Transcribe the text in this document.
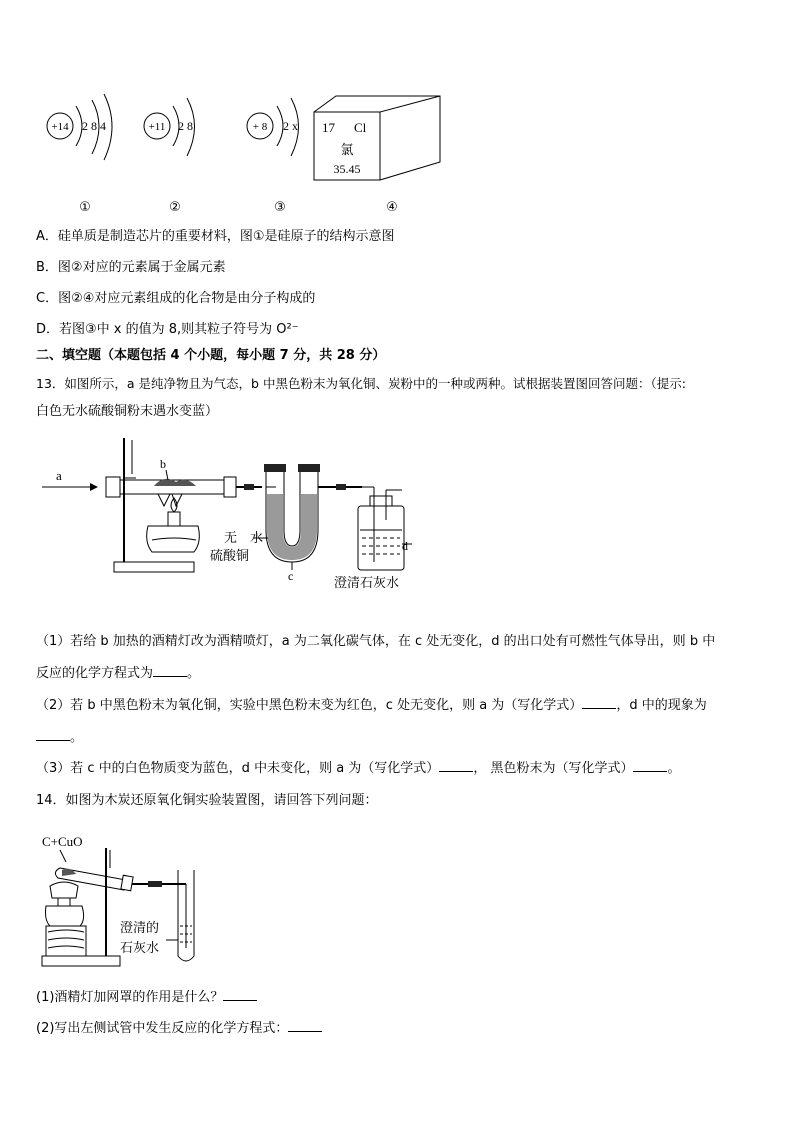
+14 2 8 4	+11 2 8	+ 8 2 x 17 Cl
氯
35.45
①	②	③	④
A．硅单质是制造芯片的重要材料，图①是硅原子的结构示意图
B．图②对应的元素属于金属元素
C．图②④对应元素组成的化合物是由分子构成的
D．若图③中 x 的值为 8,则其粒子符号为 O²⁻
二、填空题（本题包括 4 个小题，每小题 7 分，共 28 分）
13．如图所示，a 是纯净物且为气态，b 中黑色粉末为氧化铜、炭粉中的一种或两种。试根据装置图回答问题：（提示:
白色无水硫酸铜粉末遇水变蓝）
a
b
c
无　水
硫酸铜
d
澄清石灰水
（1）若给 b 加热的酒精灯改为酒精喷灯，a 为二氧化碳气体，在 c 处无变化，d 的出口处有可燃性气体导出，则 b 中
反应的化学方程式为	。
（2）若 b 中黑色粉末为氧化铜，实验中黑色粉末变为红色，c 处无变化，则 a 为（写化学式）	，d 中的现象为
。
（3）若 c 中的白色物质变为蓝色，d 中未变化，则 a 为（写化学式）	， 黑色粉末为（写化学式）	。
14．如图为木炭还原氧化铜实验装置图，请回答下列问题：
C+CuO
澄清的
石灰水
(1)酒精灯加网罩的作用是什么？
(2)写出左侧试管中发生反应的化学方程式：
